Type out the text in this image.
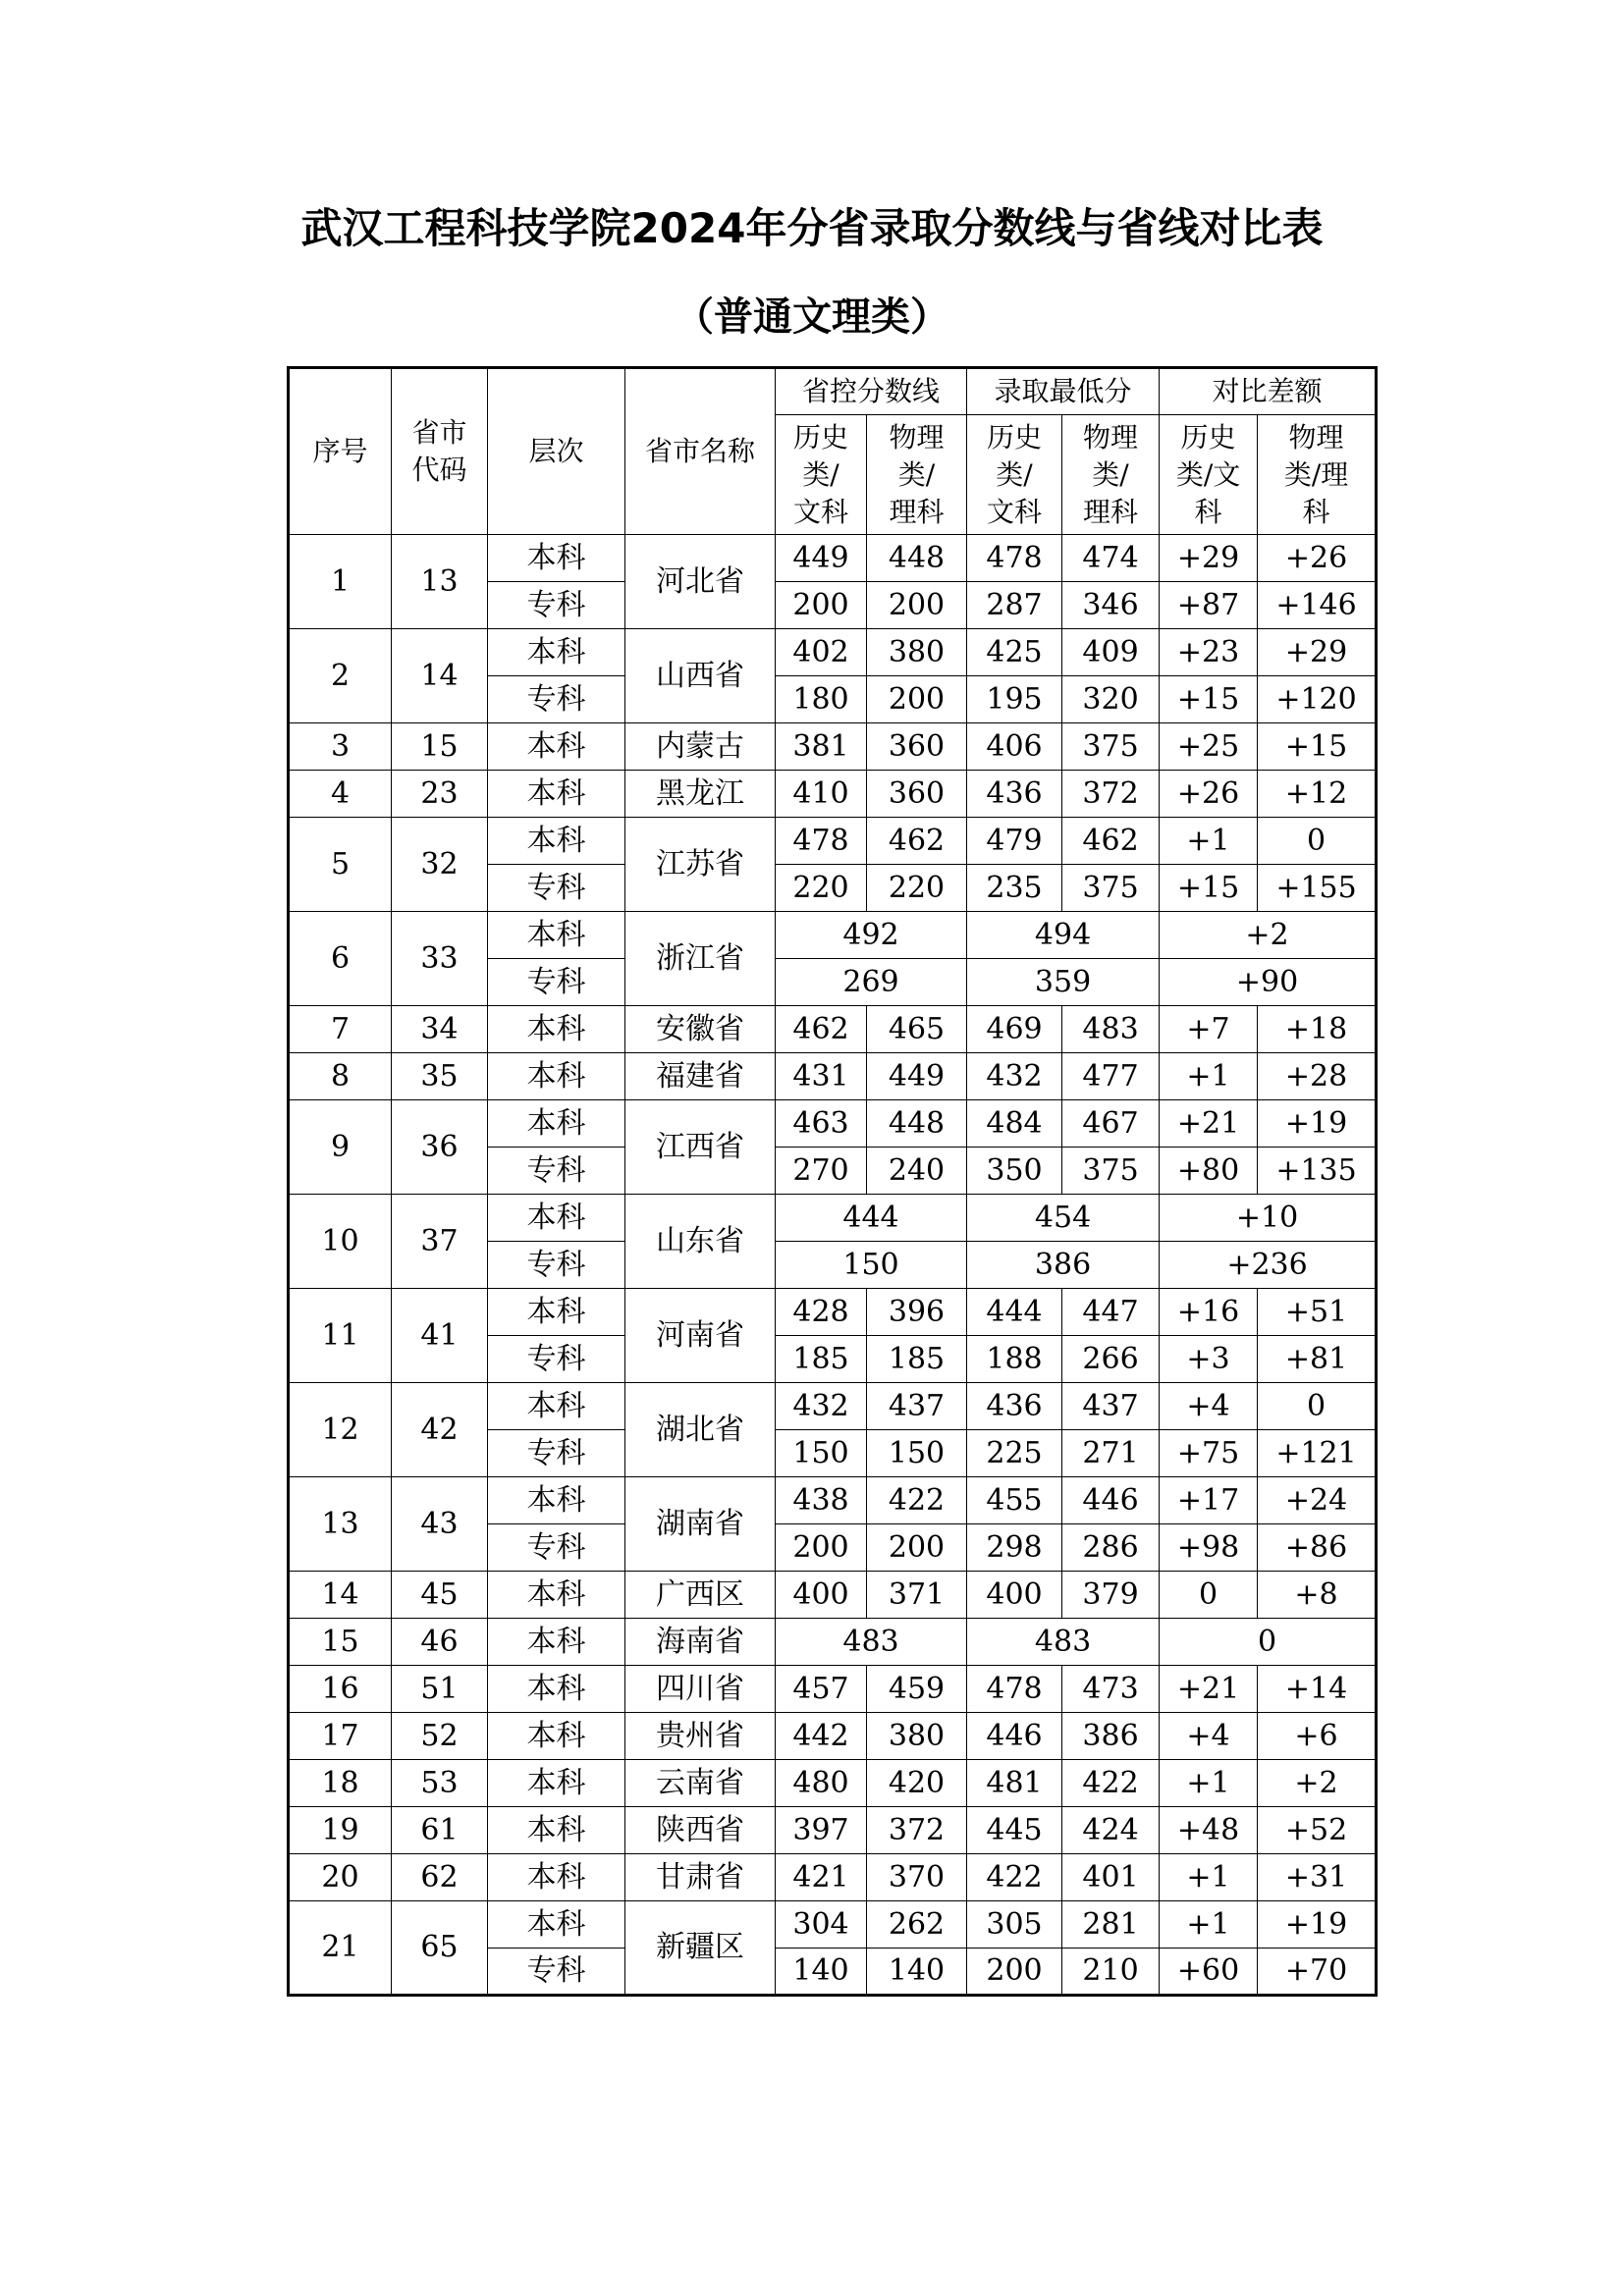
武汉工程科技学院2024年分省录取分数线与省线对比表
（普通文理类）
序号	省市代码	层次	省市名称	省控分数线		录取最低分		对比差额	
				历史类/文科	物理类/理科	历史类/文科	物理类/理科	历史类/文科	物理类/理科
1	13	本科	河北省	449	448	478	474	+29	+26
		专科		200	200	287	346	+87	+146
2	14	本科	山西省	402	380	425	409	+23	+29
		专科		180	200	195	320	+15	+120
3	15	本科	内蒙古	381	360	406	375	+25	+15
4	23	本科	黑龙江	410	360	436	372	+26	+12
5	32	本科	江苏省	478	462	479	462	+1	0
		专科		220	220	235	375	+15	+155
6	33	本科	浙江省	492		494		+2	
		专科		269		359		+90	
7	34	本科	安徽省	462	465	469	483	+7	+18
8	35	本科	福建省	431	449	432	477	+1	+28
9	36	本科	江西省	463	448	484	467	+21	+19
		专科		270	240	350	375	+80	+135
10	37	本科	山东省	444		454		+10	
		专科		150		386		+236	
11	41	本科	河南省	428	396	444	447	+16	+51
		专科		185	185	188	266	+3	+81
12	42	本科	湖北省	432	437	436	437	+4	0
		专科		150	150	225	271	+75	+121
13	43	本科	湖南省	438	422	455	446	+17	+24
		专科		200	200	298	286	+98	+86
14	45	本科	广西区	400	371	400	379	0	+8
15	46	本科	海南省	483		483		0	
16	51	本科	四川省	457	459	478	473	+21	+14
17	52	本科	贵州省	442	380	446	386	+4	+6
18	53	本科	云南省	480	420	481	422	+1	+2
19	61	本科	陕西省	397	372	445	424	+48	+52
20	62	本科	甘肃省	421	370	422	401	+1	+31
21	65	本科	新疆区	304	262	305	281	+1	+19
		专科		140	140	200	210	+60	+70
